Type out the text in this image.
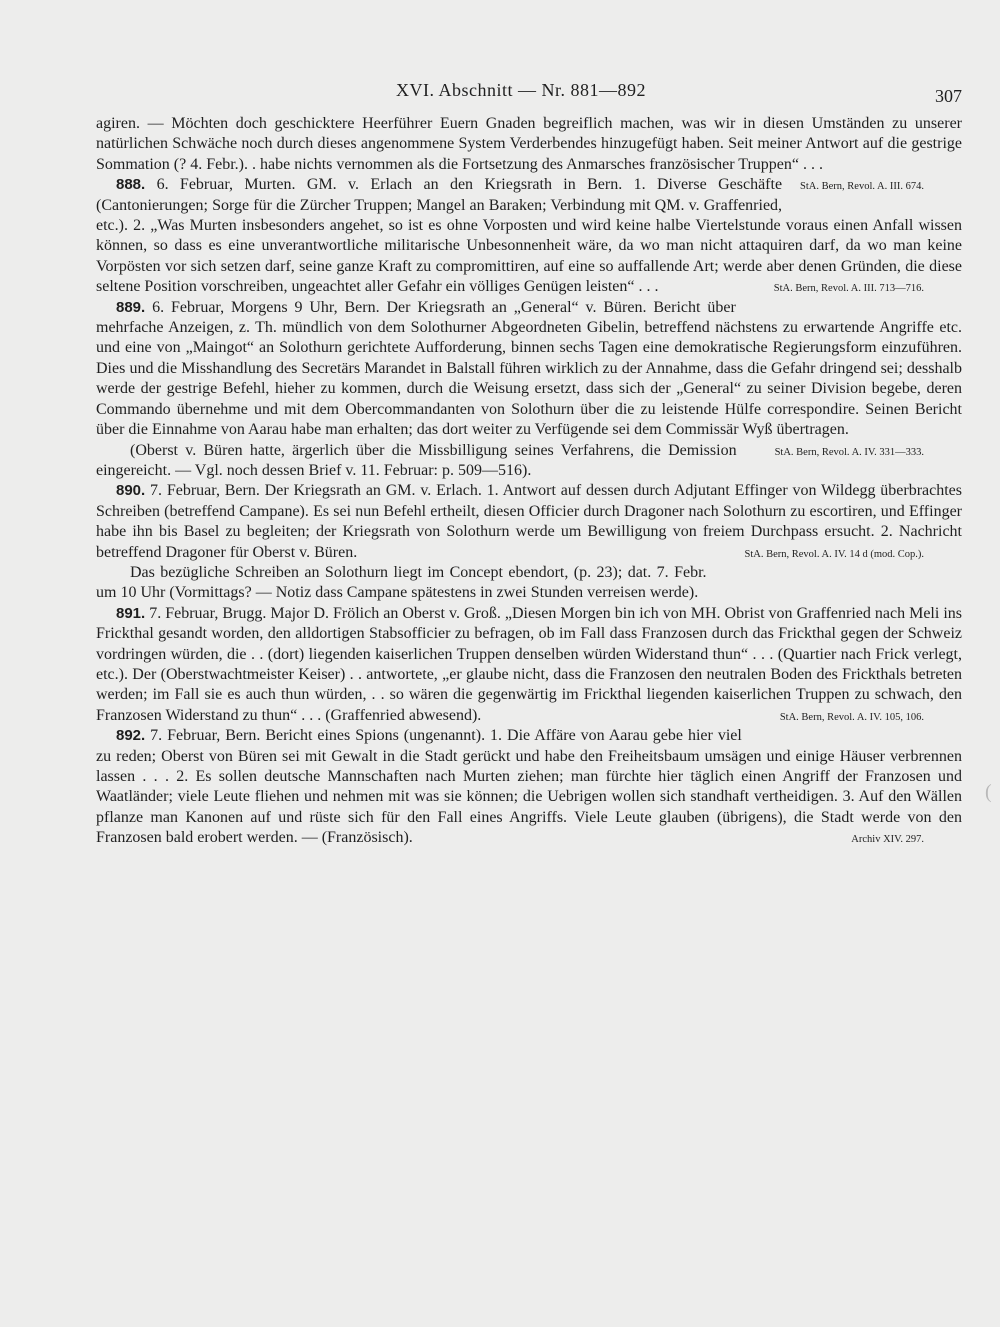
XVI. Abschnitt — Nr. 881—892	307

agiren. — Möchten doch geschicktere Heerführer Euern Gnaden begreiflich machen, was wir in diesen Umständen zu unserer natürlichen Schwäche noch durch dieses angenommene System Verderbendes hinzugefügt haben. Seit meiner Antwort auf die gestrige Sommation (? 4. Febr.). . habe nichts vernommen als die Fortsetzung des Anmarsches französischer Truppen“ . . .
StA. Bern, Revol. A. III. 674.

888. 6. Februar, Murten. GM. v. Erlach an den Kriegsrath in Bern. 1. Diverse Geschäfte (Cantonierungen; Sorge für die Zürcher Truppen; Mangel an Baraken; Verbindung mit QM. v. Graffenried, etc.). 2. „Was Murten insbesonders angehet, so ist es ohne Vorposten und wird keine halbe Viertelstunde voraus einen Anfall wissen können, so dass es eine unverantwortliche militarische Unbesonnenheit wäre, da wo man nicht attaquiren darf, da wo man keine Vorpösten vor sich setzen darf, seine ganze Kraft zu compromittiren, auf eine so auffallende Art; werde aber denen Gründen, die diese seltene Position vorschreiben, ungeachtet aller Gefahr ein völliges Genügen leisten“ . . .	StA. Bern, Revol. A. III. 713—716.

889. 6. Februar, Morgens 9 Uhr, Bern. Der Kriegsrath an „General“ v. Büren. Bericht über mehrfache Anzeigen, z. Th. mündlich von dem Solothurner Abgeordneten Gibelin, betreffend nächstens zu erwartende Angriffe etc. und eine von „Maingot“ an Solothurn gerichtete Aufforderung, binnen sechs Tagen eine demokratische Regierungsform einzuführen. Dies und die Misshandlung des Secretärs Marandet in Balstall führen wirklich zu der Annahme, dass die Gefahr dringend sei; desshalb werde der gestrige Befehl, hieher zu kommen, durch die Weisung ersetzt, dass sich der „General“ zu seiner Division begebe, deren Commando übernehme und mit dem Obercommandanten von Solothurn über die zu leistende Hülfe correspondire. Seinen Bericht über die Einnahme von Aarau habe man erhalten; das dort weiter zu Verfügende sei dem Commissär Wyß übertragen.
StA. Bern, Revol. A. IV. 331—333.

(Oberst v. Büren hatte, ärgerlich über die Missbilligung seines Verfahrens, die Demission eingereicht. — Vgl. noch dessen Brief v. 11. Februar: p. 509—516).

890. 7. Februar, Bern. Der Kriegsrath an GM. v. Erlach. 1. Antwort auf dessen durch Adjutant Effinger von Wildegg überbrachtes Schreiben (betreffend Campane). Es sei nun Befehl ertheilt, diesen Officier durch Dragoner nach Solothurn zu escortiren, und Effinger habe ihn bis Basel zu begleiten; der Kriegsrath von Solothurn werde um Bewilligung von freiem Durchpass ersucht. 2. Nachricht betreffend Dragoner für Oberst v. Büren.	StA. Bern, Revol. A. IV. 14 d (mod. Cop.).

Das bezügliche Schreiben an Solothurn liegt im Concept ebendort, (p. 23); dat. 7. Febr. um 10 Uhr (Vormittags? — Notiz dass Campane spätestens in zwei Stunden verreisen werde).

891. 7. Februar, Brugg. Major D. Frölich an Oberst v. Groß. „Diesen Morgen bin ich von MH. Obrist von Graffenried nach Meli ins Frickthal gesandt worden, den alldortigen Stabsofficier zu befragen, ob im Fall dass Franzosen durch das Frickthal gegen der Schweiz vordringen würden, die . . (dort) liegenden kaiserlichen Truppen denselben würden Widerstand thun“ . . . (Quartier nach Frick verlegt, etc.). Der (Oberstwachtmeister Keiser) . . antwortete, „er glaube nicht, dass die Franzosen den neutralen Boden des Frickthals betreten werden; im Fall sie es auch thun würden, . . so wären die gegenwärtig im Frickthal liegenden kaiserlichen Truppen zu schwach, den Franzosen Widerstand zu thun“ . . . (Graffenried abwesend).	StA. Bern, Revol. A. IV. 105, 106.

892. 7. Februar, Bern. Bericht eines Spions (ungenannt). 1. Die Affäre von Aarau gebe hier viel zu reden; Oberst von Büren sei mit Gewalt in die Stadt gerückt und habe den Freiheitsbaum umsägen und einige Häuser verbrennen lassen . . . 2. Es sollen deutsche Mannschaften nach Murten ziehen; man fürchte hier täglich einen Angriff der Franzosen und Waatländer; viele Leute fliehen und nehmen mit was sie können; die Uebrigen wollen sich standhaft vertheidigen. 3. Auf den Wällen pflanze man Kanonen auf und rüste sich für den Fall eines Angriffs. Viele Leute glauben (übrigens), die Stadt werde von den Franzosen bald erobert werden. — (Französisch).	Archiv XIV. 297.

(
